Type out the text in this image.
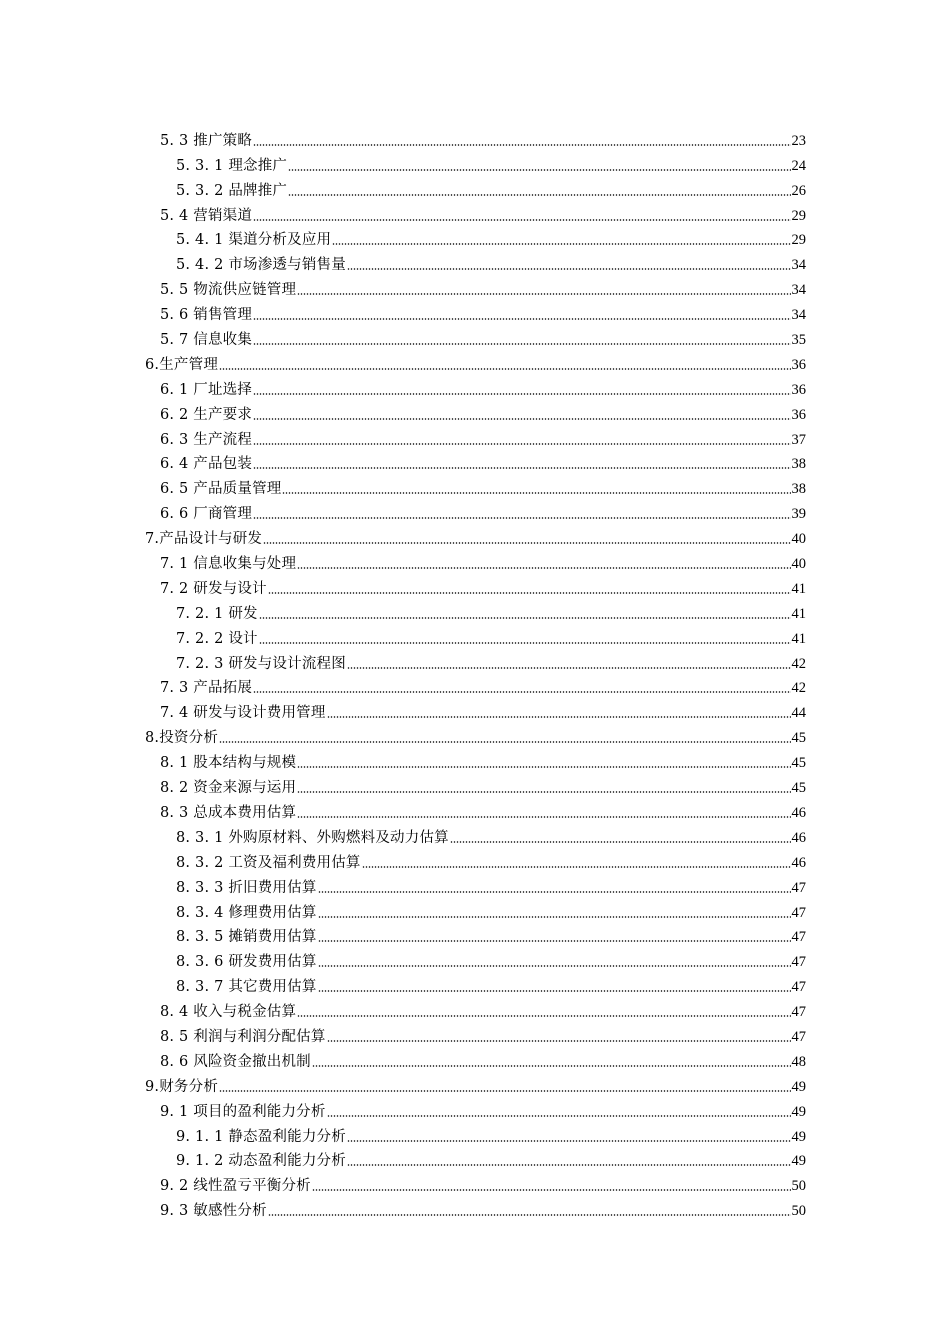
5. 3 推广策略	23
5. 3. 1 理念推广	24
5. 3. 2 品牌推广	26
5. 4 营销渠道	29
5. 4. 1 渠道分析及应用	29
5. 4. 2 市场渗透与销售量	34
5. 5 物流供应链管理	34
5. 6 销售管理	34
5. 7 信息收集	35
6.生产管理	36
6. 1 厂址选择	36
6. 2 生产要求	36
6. 3 生产流程	37
6. 4 产品包装	38
6. 5 产品质量管理	38
6. 6 厂商管理	39
7.产品设计与研发	40
7. 1 信息收集与处理	40
7. 2 研发与设计	41
7. 2. 1 研发	41
7. 2. 2 设计	41
7. 2. 3 研发与设计流程图	42
7. 3 产品拓展	42
7. 4 研发与设计费用管理	44
8.投资分析	45
8. 1 股本结构与规模	45
8. 2 资金来源与运用	45
8. 3 总成本费用估算	46
8. 3. 1 外购原材料、外购燃料及动力估算	46
8. 3. 2 工资及福利费用估算	46
8. 3. 3 折旧费用估算	47
8. 3. 4 修理费用估算	47
8. 3. 5 摊销费用估算	47
8. 3. 6 研发费用估算	47
8. 3. 7 其它费用估算	47
8. 4 收入与税金估算	47
8. 5 利润与利润分配估算	47
8. 6 风险资金撤出机制	48
9.财务分析	49
9. 1 项目的盈利能力分析	49
9. 1. 1 静态盈利能力分析	49
9. 1. 2 动态盈利能力分析	49
9. 2 线性盈亏平衡分析	50
9. 3 敏感性分析	50
